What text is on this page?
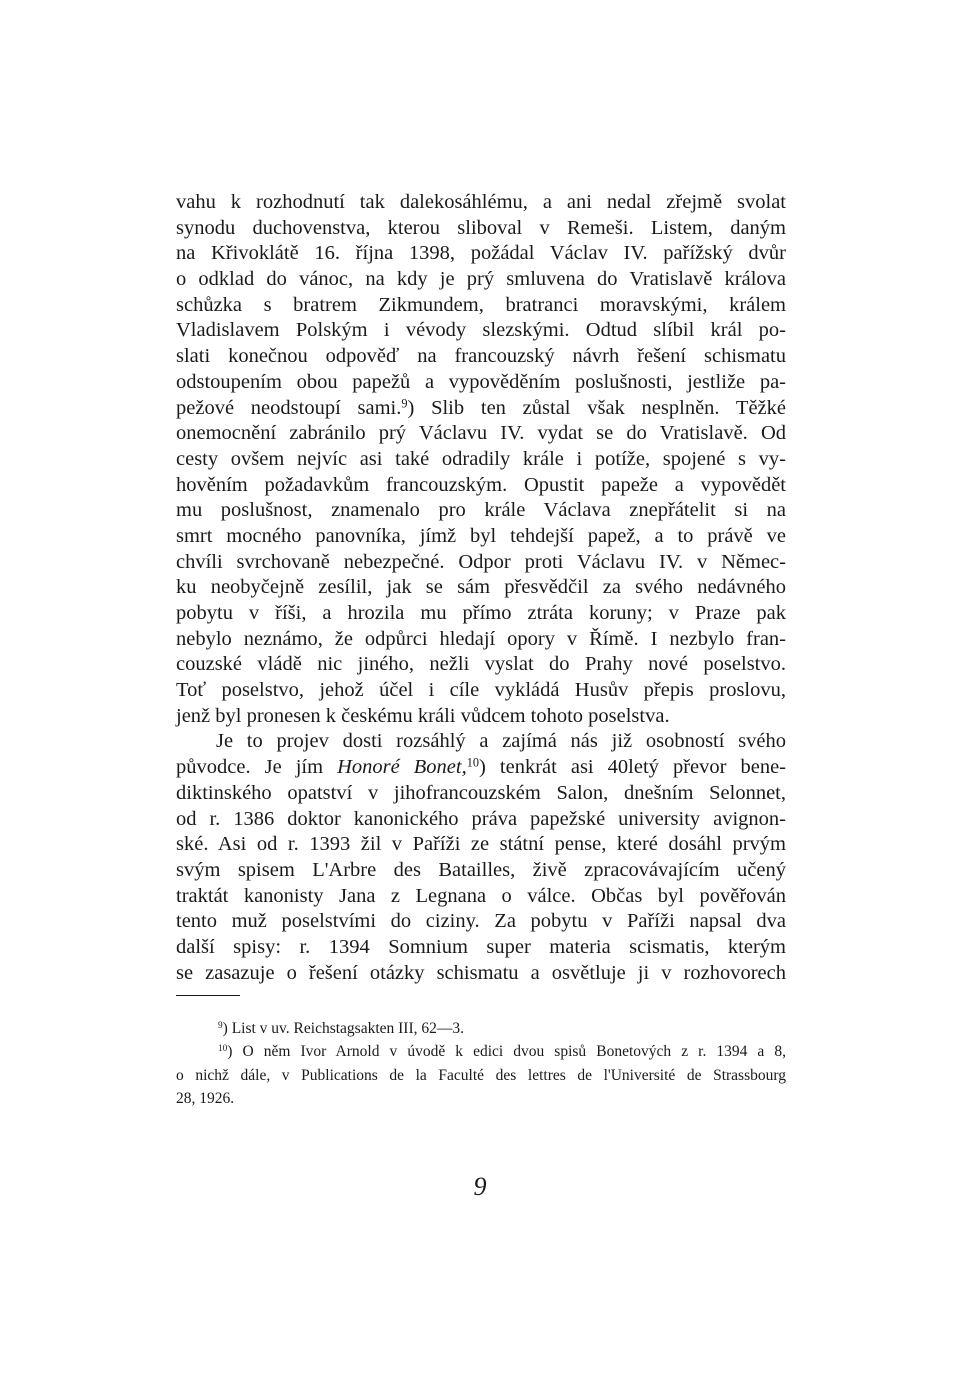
vahu k rozhodnutí tak dalekosáhlému, a ani nedal zřejmě svolat
synodu duchovenstva, kterou sliboval v Remeši. Listem, daným
na Křivoklátě 16. října 1398, požádal Václav IV. pařížský dvůr
o odklad do vánoc, na kdy je prý smluvena do Vratislavě králova
schůzka s bratrem Zikmundem, bratranci moravskými, králem
Vladislavem Polským i vévody slezskými. Odtud slíbil král po-
slati konečnou odpověď na francouzský návrh řešení schismatu
odstoupením obou papežů a vypověděním poslušnosti, jestliže pa-
pežové neodstoupí sami.$^9$) Slib ten zůstal však nesplněn. Těžké
onemocnění zabránilo prý Václavu IV. vydat se do Vratislavě. Od
cesty ovšem nejvíc asi také odradily krále i potíže, spojené s vy-
hověním požadavkům francouzským. Opustit papeže a vypovědět
mu poslušnost, znamenalo pro krále Václava znepřátelit si na
smrt mocného panovníka, jímž byl tehdejší papež, a to právě ve
chvíli svrchovaně nebezpečné. Odpor proti Václavu IV. v Němec-
ku neobyčejně zesílil, jak se sám přesvědčil za svého nedávného
pobytu v říši, a hrozila mu přímo ztráta koruny; v Praze pak
nebylo neznámo, že odpůrci hledají opory v Římě. I nezbylo fran-
couzské vládě nic jiného, nežli vyslat do Prahy nové poselstvo.
Toť poselstvo, jehož účel i cíle vykládá Husův přepis proslovu,
jenž byl pronesen k českému králi vůdcem tohoto poselstva.
Je to projev dosti rozsáhlý a zajímá nás již osobností svého
původce. Je jím Honoré Bonet,$^{10}$) tenkrát asi 40letý převor bene-
diktinského opatství v jihofrancouzském Salon, dnešním Selonnet,
od r. 1386 doktor kanonického práva papežské university avignon-
ské. Asi od r. 1393 žil v Paříži ze státní pense, které dosáhl prvým
svým spisem L'Arbre des Batailles, živě zpracovávajícím učený
traktát kanonisty Jana z Legnana o válce. Občas byl pověřován
tento muž poselstvími do ciziny. Za pobytu v Paříži napsal dva
další spisy: r. 1394 Somnium super materia scismatis, kterým
se zasazuje o řešení otázky schismatu a osvětluje ji v rozhovorech
$^9$) List v uv. Reichstagsakten III, 62—3.
$^{10}$) O něm Ivor Arnold v úvodě k edici dvou spisů Bonetových z r. 1394 a 8,
o nichž dále, v Publications de la Faculté des lettres de l'Université de Strassbourg
28, 1926.
9
